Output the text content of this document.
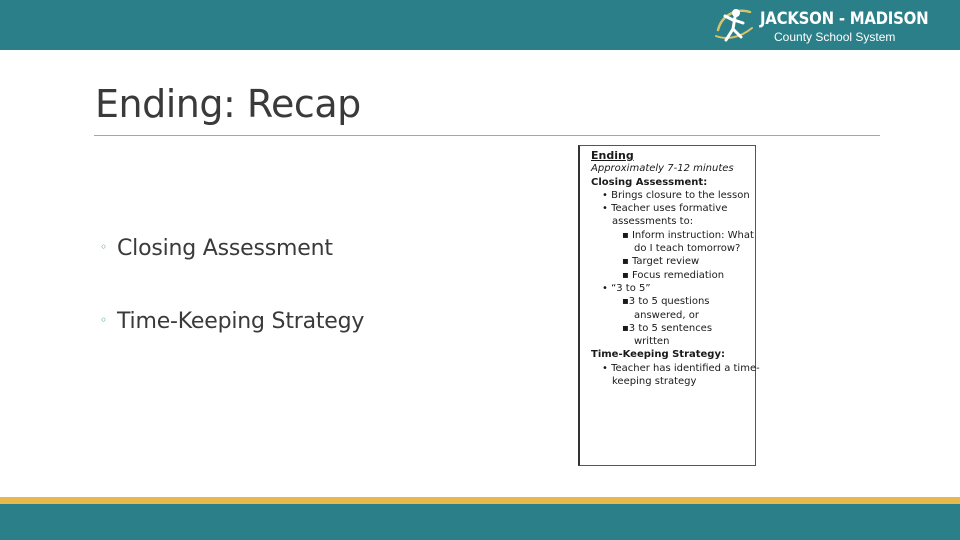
JACKSON - MADISON
County School System
Ending: Recap
◦ Closing Assessment
◦ Time-Keeping Strategy
Ending
Approximately 7-12 minutes
Closing Assessment:
• Brings closure to the lesson
• Teacher uses formative
assessments to:
▪ Inform instruction: What
do I teach tomorrow?
▪ Target review
▪ Focus remediation
• “3 to 5”
▪3 to 5 questions
answered, or
▪3 to 5 sentences
written
Time-Keeping Strategy:
• Teacher has identified a time-
keeping strategy
